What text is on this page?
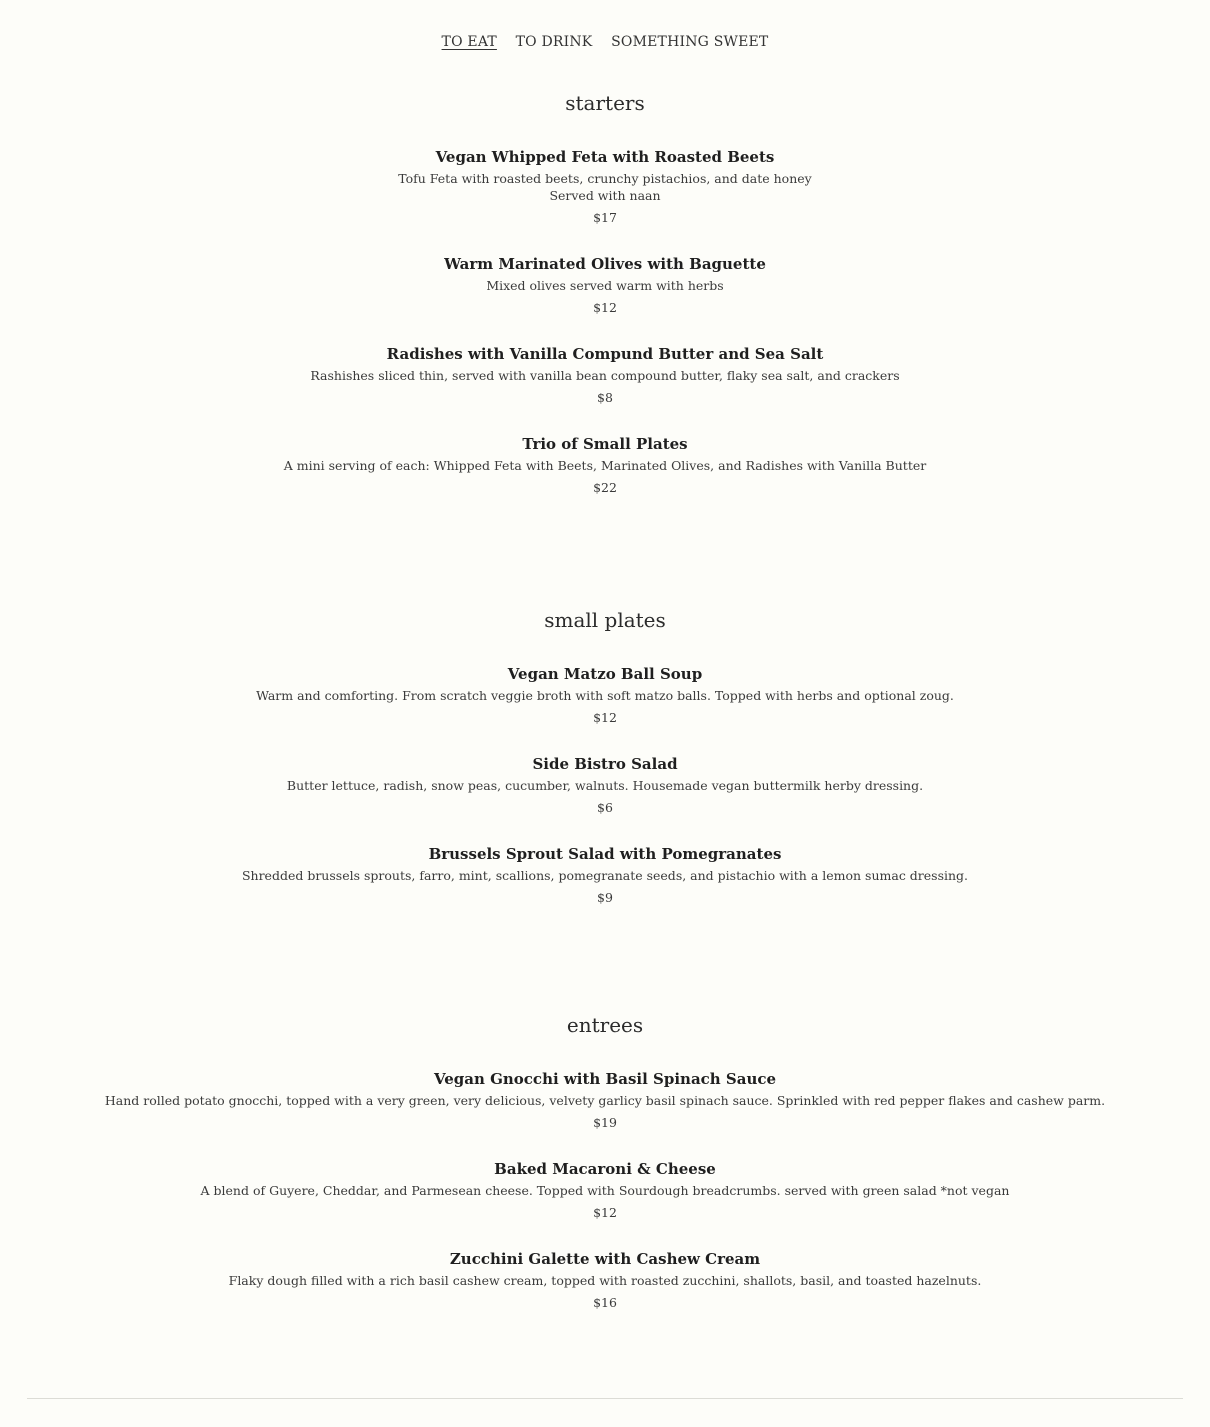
TO EAT TO DRINK SOMETHING SWEET
starters
Vegan Whipped Feta with Roasted Beets
Tofu Feta with roasted beets, crunchy pistachios, and date honey
Served with naan
$17
Warm Marinated Olives with Baguette
Mixed olives served warm with herbs
$12
Radishes with Vanilla Compund Butter and Sea Salt
Rashishes sliced thin, served with vanilla bean compound butter, flaky sea salt, and crackers
$8
Trio of Small Plates
A mini serving of each: Whipped Feta with Beets, Marinated Olives, and Radishes with Vanilla Butter
$22
small plates
Vegan Matzo Ball Soup
Warm and comforting. From scratch veggie broth with soft matzo balls. Topped with herbs and optional zoug.
$12
Side Bistro Salad
Butter lettuce, radish, snow peas, cucumber, walnuts. Housemade vegan buttermilk herby dressing.
$6
Brussels Sprout Salad with Pomegranates
Shredded brussels sprouts, farro, mint, scallions, pomegranate seeds, and pistachio with a lemon sumac dressing.
$9
entrees
Vegan Gnocchi with Basil Spinach Sauce
Hand rolled potato gnocchi, topped with a very green, very delicious, velvety garlicy basil spinach sauce. Sprinkled with red pepper flakes and cashew parm.
$19
Baked Macaroni & Cheese
A blend of Guyere, Cheddar, and Parmesean cheese. Topped with Sourdough breadcrumbs. served with green salad *not vegan
$12
Zucchini Galette with Cashew Cream
Flaky dough filled with a rich basil cashew cream, topped with roasted zucchini, shallots, basil, and toasted hazelnuts.
$16
